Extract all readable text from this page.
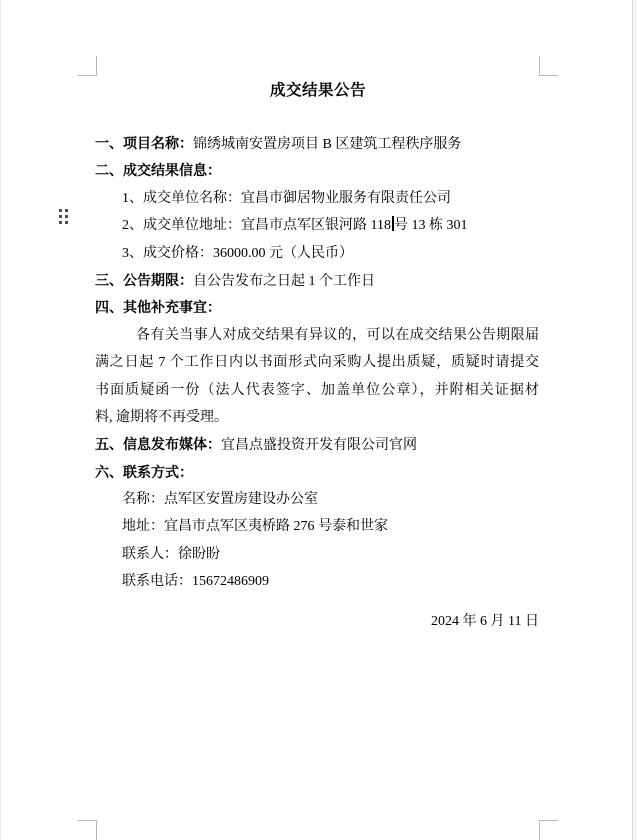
成交结果公告
一、项目名称：锦绣城南安置房项目 B 区建筑工程秩序服务
二、成交结果信息：
1、成交单位名称：宜昌市御居物业服务有限责任公司
2、成交单位地址：宜昌市点军区银河路 118 号 13 栋 301
3、成交价格：36000.00 元（人民币）
三、公告期限：自公告发布之日起 1 个工作日
四、其他补充事宜：
各有关当事人对成交结果有异议的，可以在成交结果公告期限届
满之日起 7 个工作日内以书面形式向采购人提出质疑，质疑时请提交
书面质疑函一份（法人代表签字、加盖单位公章），并附相关证据材
料, 逾期将不再受理。
五、信息发布媒体：宜昌点盛投资开发有限公司官网
六、联系方式：
名称：点军区安置房建设办公室
地址：宜昌市点军区夷桥路 276 号泰和世家
联系人：徐盼盼
联系电话：15672486909
2024 年 6 月 11 日
